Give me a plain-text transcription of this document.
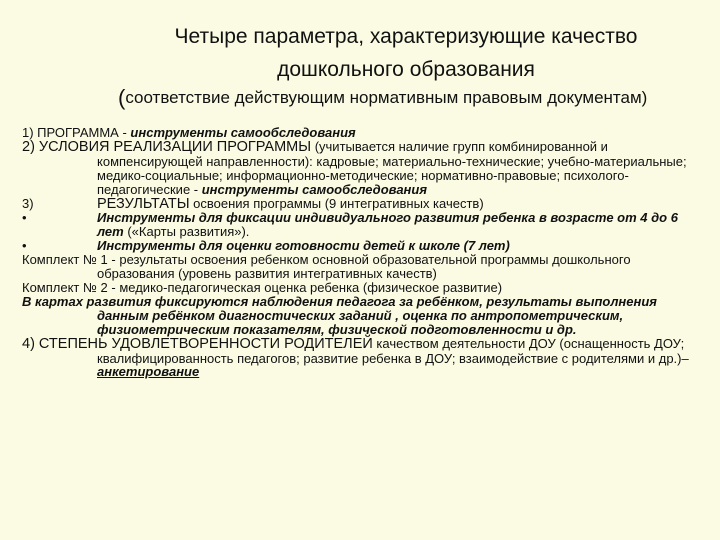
Четыре параметра, характеризующие качество
дошкольного образования
(соответствие действующим нормативным правовым документам)

1) ПРОГРАММА - инструменты самообследования

2) УСЛОВИЯ РЕАЛИЗАЦИИ ПРОГРАММЫ (учитывается наличие групп комбинированной и компенсирующей направленности): кадровые; материально-технические; учебно-материальные; медико-социальные; информационно-методические; нормативно-правовые; психолого-педагогические - инструменты самообследования

3)	РЕЗУЛЬТАТЫ освоения программы (9 интегративных качеств)

•	Инструменты для фиксации индивидуального развития ребенка в возрасте от 4 до 6 лет («Карты развития»).

•	Инструменты для оценки готовности детей к школе (7 лет)

Комплект № 1 - результаты освоения ребенком основной образовательной программы дошкольного образования (уровень развития интегративных качеств)

Комплект № 2 - медико-педагогическая оценка ребенка (физическое развитие)

В картах развития фиксируются наблюдения педагога за ребёнком, результаты выполнения данным ребёнком диагностических заданий , оценка по антропометрическим, физиометрическим показателям, физической подготовленности и др.

4) СТЕПЕНЬ УДОВЛЕТВОРЕННОСТИ РОДИТЕЛЕЙ качеством деятельности ДОУ (оснащенность ДОУ; квалифицированность педагогов; развитие ребенка в ДОУ; взаимодействие с родителями и др.)– анкетирование
